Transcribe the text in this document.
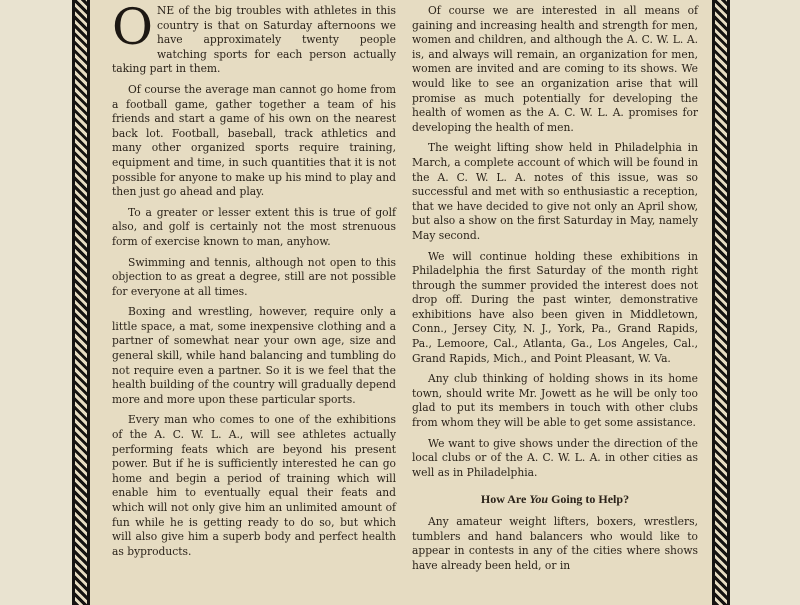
ONE of the big troubles with athletes in this country is that on Saturday afternoons we have approximately twenty people watching sports for each person actually taking part in them.

Of course the average man cannot go home from a football game, gather together a team of his friends and start a game of his own on the nearest back lot. Football, baseball, track athletics and many other organized sports require training, equipment and time, in such quantities that it is not possible for anyone to make up his mind to play and then just go ahead and play.

To a greater or lesser extent this is true of golf also, and golf is certainly not the most strenuous form of exercise known to man, anyhow.

Swimming and tennis, although not open to this objection to as great a degree, still are not possible for everyone at all times.

Boxing and wrestling, however, require only a little space, a mat, some inexpensive clothing and a partner of somewhat near your own age, size and general skill, while hand balancing and tumbling do not require even a partner. So it is we feel that the health building of the country will gradually depend more and more upon these particular sports.

Every man who comes to one of the exhibitions of the A. C. W. L. A., will see athletes actually performing feats which are beyond his present power. But if he is sufficiently interested he can go home and begin a period of training which will enable him to eventually equal their feats and which will not only give him an unlimited amount of fun while he is getting ready to do so, but which will also give him a superb body and perfect health as byproducts.

Of course we are interested in all means of gaining and increasing health and strength for men, women and children, and although the A. C. W. L. A. is, and always will remain, an organization for men, women are invited and are coming to its shows. We would like to see an organization arise that will promise as much potentially for developing the health of women as the A. C. W. L. A. promises for developing the health of men.

The weight lifting show held in Philadelphia in March, a complete account of which will be found in the A. C. W. L. A. notes of this issue, was so successful and met with so enthusiastic a reception, that we have decided to give not only an April show, but also a show on the first Saturday in May, namely May second.

We will continue holding these exhibitions in Philadelphia the first Saturday of the month right through the summer provided the interest does not drop off. During the past winter, demonstrative exhibitions have also been given in Middletown, Conn., Jersey City, N. J., York, Pa., Grand Rapids, Pa., Lemoore, Cal., Atlanta, Ga., Los Angeles, Cal., Grand Rapids, Mich., and Point Pleasant, W. Va.

Any club thinking of holding shows in its home town, should write Mr. Jowett as he will be only too glad to put its members in touch with other clubs from whom they will be able to get some assistance.

We want to give shows under the direction of the local clubs or of the A. C. W. L. A. in other cities as well as in Philadelphia.

How Are You Going to Help?

Any amateur weight lifters, boxers, wrestlers, tumblers and hand balancers who would like to appear in contests in any of the cities where shows have already been held, or in
